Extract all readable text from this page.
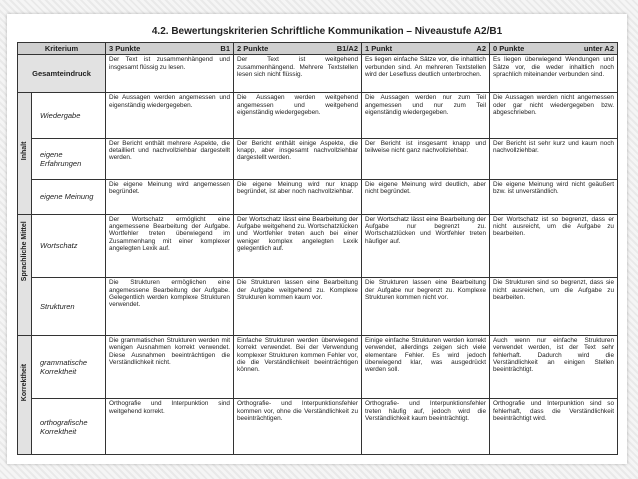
4.2. Bewertungskriterien Schriftliche Kommunikation – Niveaustufe A2/B1
Kriterium		3 Punkte B1	2 Punkte B1/A2	1 Punkt A2	0 Punkte unter A2

Gesamteindruck		Der Text ist zusammenhängend und insgesamt flüssig zu lesen.	Der Text ist weitgehend zusammenhängend. Mehrere Textstellen lesen sich nicht flüssig.	Es liegen einfache Sätze vor, die inhaltlich verbunden sind. An mehreren Textstellen wird der Lesefluss deutlich unterbrochen.	Es liegen überwiegend Wendungen und Sätze vor, die weder inhaltlich noch sprachlich miteinander verbunden sind.

Inhalt	Wiedergabe	Die Aussagen werden angemessen und eigenständig wiedergegeben.	Die Aussagen werden weitgehend angemessen und weitgehend eigenständig wiedergegeben.	Die Aussagen werden nur zum Teil angemessen und nur zum Teil eigenständig wiedergegeben.	Die Aussagen werden nicht angemessen oder gar nicht wiedergegeben bzw. abgeschrieben.
	eigene Erfahrungen	Der Bericht enthält mehrere Aspekte, die detailliert und nachvollziehbar dargestellt werden.	Der Bericht enthält einige Aspekte, die knapp, aber insgesamt nachvollziehbar dargestellt werden.	Der Bericht ist insgesamt knapp und teilweise nicht ganz nachvollziehbar.	Der Bericht ist sehr kurz und kaum noch nachvollziehbar.
	eigene Meinung	Die eigene Meinung wird angemessen begründet.	Die eigene Meinung wird nur knapp begründet, ist aber noch nachvollziehbar.	Die eigene Meinung wird deutlich, aber nicht begründet.	Die eigene Meinung wird nicht geäußert bzw. ist unverständlich.

Sprachliche Mittel	Wortschatz	Der Wortschatz ermöglicht eine angemessene Bearbeitung der Aufgabe. Wortfehler treten überwiegend im Zusammenhang mit einer komplexer angelegten Lexik auf.	Der Wortschatz lässt eine Bearbeitung der Aufgabe weitgehend zu. Wortschatzlücken und Wortfehler treten auch bei einer weniger komplex angelegten Lexik gelegentlich auf.	Der Wortschatz lässt eine Bearbeitung der Aufgabe nur begrenzt zu. Wortschatzlücken und Wortfehler treten häufiger auf.	Der Wortschatz ist so begrenzt, dass er nicht ausreicht, um die Aufgabe zu bearbeiten.
	Strukturen	Die Strukturen ermöglichen eine angemessene Bearbeitung der Aufgabe. Gelegentlich werden komplexe Strukturen verwendet.	Die Strukturen lassen eine Bearbeitung der Aufgabe weitgehend zu. Komplexe Strukturen kommen kaum vor.	Die Strukturen lassen eine Bearbeitung der Aufgabe nur begrenzt zu. Komplexe Strukturen kommen nicht vor.	Die Strukturen sind so begrenzt, dass sie nicht ausreichen, um die Aufgabe zu bearbeiten.

Korrektheit	grammatische Korrektheit	Die grammatischen Strukturen werden mit wenigen Ausnahmen korrekt verwendet. Diese Ausnahmen beeinträchtigen die Verständlichkeit nicht.	Einfache Strukturen werden überwiegend korrekt verwendet. Bei der Verwendung komplexer Strukturen kommen Fehler vor, die die Verständlichkeit beeinträchtigen können.	Einige einfache Strukturen werden korrekt verwendet, allerdings zeigen sich viele elementare Fehler. Es wird jedoch überwiegend klar, was ausgedrückt werden soll.	Auch wenn nur einfache Strukturen verwendet werden, ist der Text sehr fehlerhaft. Dadurch wird die Verständlichkeit an einigen Stellen beeinträchtigt.
	orthografische Korrektheit	Orthografie und Interpunktion sind weitgehend korrekt.	Orthografie- und Interpunktionsfehler kommen vor, ohne die Verständlichkeit zu beeinträchtigen.	Orthografie- und Interpunktionsfehler treten häufig auf, jedoch wird die Verständlichkeit kaum beeinträchtigt.	Orthografie und Interpunktion sind so fehlerhaft, dass die Verständlichkeit beeinträchtigt wird.
